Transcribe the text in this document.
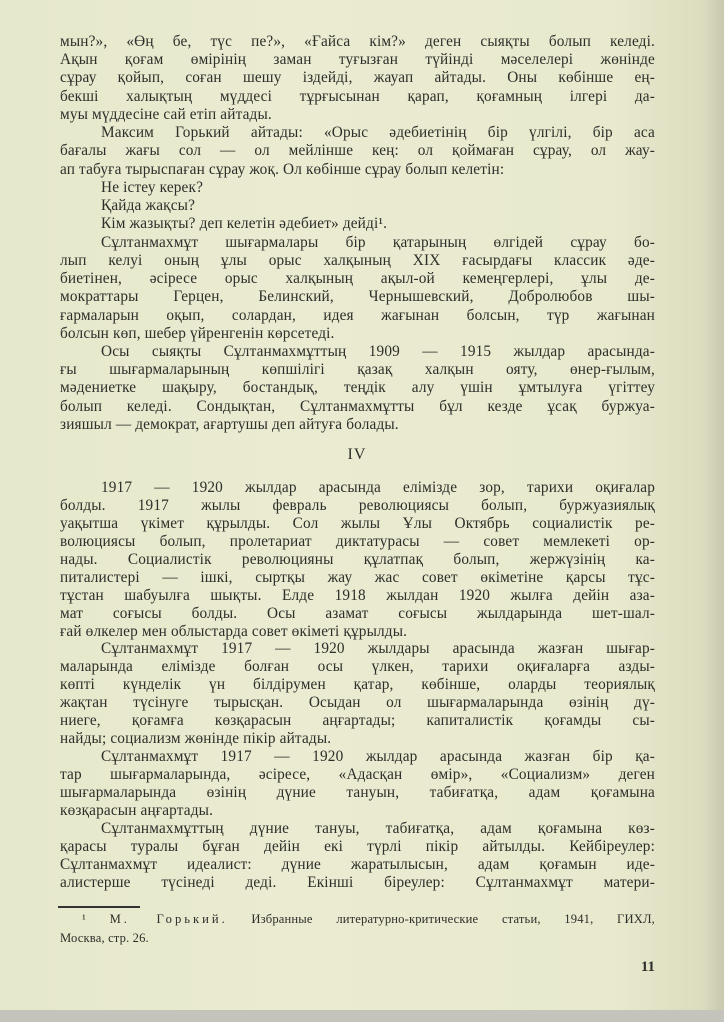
мын?», «Өң бе, түс пе?», «Ғайса кім?» деген сыяқты болып келеді.
Ақын қоғам өмірінің заман туғызған түйінді мәселелері жөнінде
сұрау қойып, соған шешу іздейді, жауап айтады. Оны көбінше ең-
бекші халықтың мүддесі тұрғысынан қарап, қоғамның ілгері да-
муы мүддесіне сай етіп айтады.
Максим Горький айтады: «Орыс әдебиетінің бір үлгілі, бір аса
бағалы жағы сол — ол мейлінше кең: ол қоймаған сұрау, ол жау-
ап табуға тырыспаған сұрау жоқ. Ол көбінше сұрау болып келетін:
Не істеу керек?
Қайда жақсы?
Кім жазықты? деп келетін әдебиет» дейді¹.
Сұлтанмахмұт шығармалары бір қатарының өлгідей сұрау бо-
лып келуі оның ұлы орыс халқының XIX ғасырдағы классик әде-
биетінен, әсіресе орыс халқының ақыл-ой кемеңгерлері, ұлы де-
мократтары Герцен, Белинский, Чернышевский, Добролюбов шы-
ғармаларын оқып, солардан, идея жағынан болсын, түр жағынан
болсын көп, шебер үйренгенін көрсетеді.
Осы сыяқты Сұлтанмахмұттың 1909 — 1915 жылдар арасында-
ғы шығармаларының көпшілігі қазақ халқын ояту, өнер-ғылым,
мәдениетке шақыру, бостандық, теңдік алу үшін ұмтылуға үгіттеу
болып келеді. Сондықтан, Сұлтанмахмұтты бұл кезде ұсақ буржуа-
зияшыл — демократ, ағартушы деп айтуға болады.
IV
1917 — 1920 жылдар арасында елімізде зор, тарихи оқиғалар
болды. 1917 жылы февраль революциясы болып, буржуазиялық
уақытша үкімет құрылды. Сол жылы Ұлы Октябрь социалистік ре-
волюциясы болып, пролетариат диктатурасы — совет мемлекеті ор-
нады. Социалистік революцияны құлатпақ болып, жержүзінің ка-
питалистері — ішкі, сыртқы жау жас совет өкіметіне қарсы тұс-
тұстан шабуылға шықты. Елде 1918 жылдан 1920 жылға дейін аза-
мат соғысы болды. Осы азамат соғысы жылдарында шет-шал-
ғай өлкелер мен облыстарда совет өкіметі құрылды.
Сұлтанмахмұт 1917 — 1920 жылдары арасында жазған шығар-
маларында елімізде болған осы үлкен, тарихи оқиғаларға азды-
көпті күнделік үн білдірумен қатар, көбінше, оларды теориялық
жақтан түсінуге тырысқан. Осыдан ол шығармаларында өзінің дү-
ниеге, қоғамға көзқарасын аңғартады; капиталистік қоғамды сы-
найды; социализм жөнінде пікір айтады.
Сұлтанмахмұт 1917 — 1920 жылдар арасында жазған бір қа-
тар шығармаларында, әсіресе, «Адасқан өмір», «Социализм» деген
шығармаларында өзінің дүние тануын, табиғатқа, адам қоғамына
көзқарасын аңғартады.
Сұлтанмахмұттың дүние тануы, табиғатқа, адам қоғамына көз-
қарасы туралы бұған дейін екі түрлі пікір айтылды. Кейбіреулер:
Сұлтанмахмұт идеалист: дүние жаратылысын, адам қоғамын иде-
алистерше түсінеді деді. Екінші біреулер: Сұлтанмахмұт матери-
¹ М. Горький. Избранные литературно-критические статьи, 1941, ГИХЛ,
Москва, стр. 26.
11
